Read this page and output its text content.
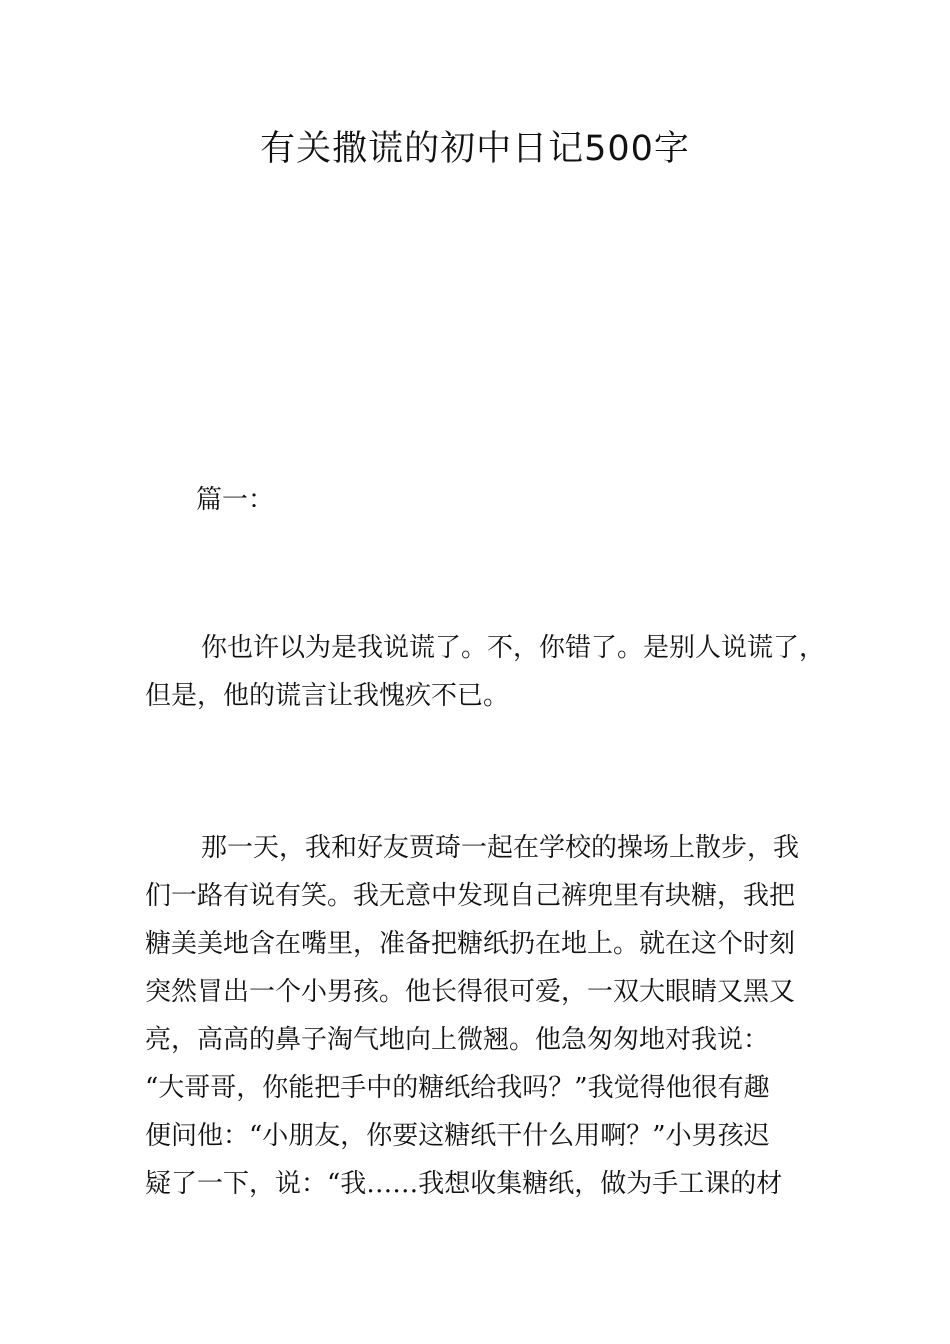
有关撒谎的初中日记500字

篇一：

你也许以为是我说谎了。不，你错了。是别人说谎了，
但是，他的谎言让我愧疚不已。
那一天，我和好友贾琦一起在学校的操场上散步，我
们一路有说有笑。我无意中发现自己裤兜里有块糖，我把
糖美美地含在嘴里，准备把糖纸扔在地上。就在这个时刻
突然冒出一个小男孩。他长得很可爱，一双大眼睛又黑又
亮，高高的鼻子淘气地向上微翘。他急匆匆地对我说：
“大哥哥，你能把手中的糖纸给我吗？”我觉得他很有趣
便问他：“小朋友，你要这糖纸干什么用啊？”小男孩迟
疑了一下，说：“我……我想收集糖纸，做为手工课的材
